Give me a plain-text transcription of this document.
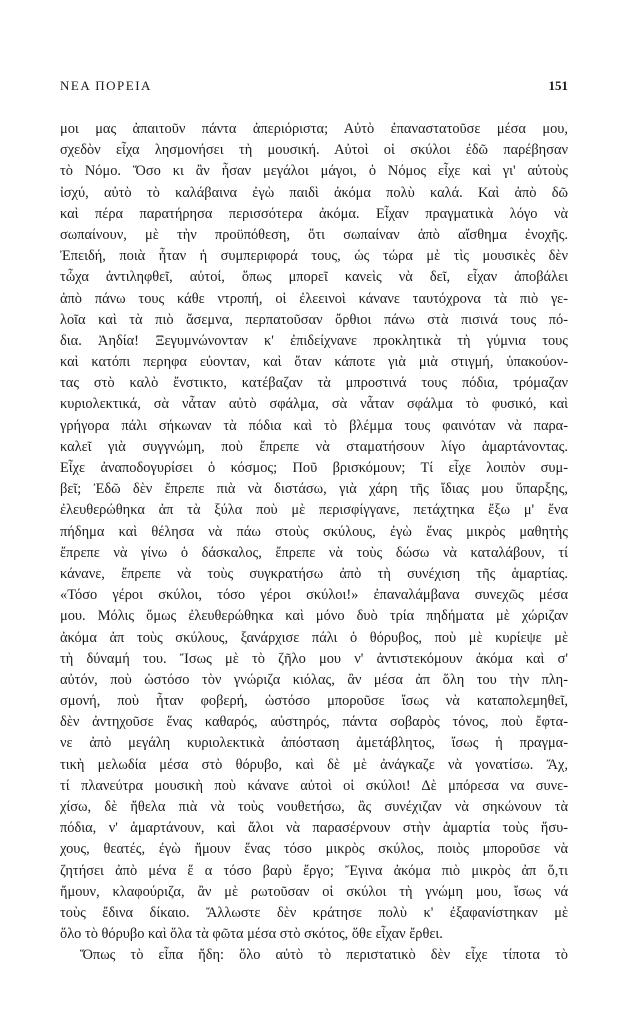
ΝΕΑ ΠΟΡΕΙΑ	151
μοι μας ἀπαιτοῦν πάντα ἀπεριόριστα; Αὐτὸ ἐπαναστατοῦσε μέσα μου,
σχεδὸν εἶχα λησμονήσει τὴ μουσική. Αὐτοὶ οἱ σκύλοι ἐδῶ παρέβησαν
τὸ Νόμο. Ὅσο κι ἂν ἦσαν μεγάλοι μάγοι, ὁ Νόμος εἶχε καὶ γι' αὐτοὺς
ἰσχύ, αὐτὸ τὸ καλάβαινα ἐγὼ παιδὶ ἀκόμα πολὺ καλά. Καὶ ἀπὸ δῶ
καὶ πέρα παρατήρησα περισσότερα ἀκόμα. Εἶχαν πραγματικὰ λόγο νὰ
σωπαίνουν, μὲ τὴν προϋπόθεση, ὅτι σωπαίναν ἀπὸ αἴσθημα ἐνοχῆς.
Ἐπειδή, ποιὰ ἦταν ἡ συμπεριφορά τους, ὡς τώρα μὲ τὶς μουσικὲς δὲν
τὦχα ἀντιληφθεῖ, αὐτοί, ὅπως μπορεῖ κανεὶς νὰ δεῖ, εἶχαν ἀποβάλει
ἀπὸ πάνω τους κάθε ντροπή, οἱ ἐλεεινοὶ κάνανε ταυτόχρονα τὰ πιὸ γε-
λοῖα καὶ τὰ πιὸ ἄσεμνα, περπατοῦσαν ὄρθιοι πάνω στὰ πισινά τους πό-
δια. Ἀηδία! Ξεγυμνώνονταν κ' ἐπιδείχνανε προκλητικὰ τὴ γύμνια τους
καὶ κατόπι περηφα εὐονταν, καὶ ὅταν κάποτε γιὰ μιὰ στιγμή, ὑπακούον-
τας στὸ καλὸ ἔνστικτο, κατέβαζαν τὰ μπροστινά τους πόδια, τρόμαζαν
κυριολεκτικά, σὰ νἆταν αὐτὸ σφάλμα, σὰ νἆταν σφάλμα τὸ φυσικό, καὶ
γρήγορα πάλι σήκωναν τὰ πόδια καὶ τὸ βλέμμα τους φαινόταν νὰ παρα-
καλεῖ γιὰ συγγνώμη, ποὺ ἔπρεπε νὰ σταματήσουν λίγο ἁμαρτάνοντας.
Εἶχε ἀναποδογυρίσει ὁ κόσμος; Ποῦ βρισκόμουν; Τί εἶχε λοιπὸν συμ-
βεῖ; Ἐδῶ δὲν ἔπρεπε πιὰ νὰ διστάσω, γιὰ χάρη τῆς ἴδιας μου ὕπαρξης,
ἐλευθερώθηκα ἀπ τὰ ξύλα ποὺ μὲ περισφίγγανε, πετάχτηκα ἔξω μ' ἕνα
πήδημα καὶ θέλησα νὰ πάω στοὺς σκύλους, ἐγὼ ἕνας μικρὸς μαθητὴς
ἔπρεπε νὰ γίνω ὁ δάσκαλος, ἔπρεπε νὰ τοὺς δώσω νὰ καταλάβουν, τί
κάνανε, ἔπρεπε νὰ τοὺς συγκρατήσω ἀπὸ τὴ συνέχιση τῆς ἁμαρτίας.
«Τόσο γέροι σκύλοι, τόσο γέροι σκύλοι!» ἐπαναλάμβανα συνεχῶς μέσα
μου. Μόλις ὅμως ἐλευθερώθηκα καὶ μόνο δυὸ τρία πηδήματα μὲ χώριζαν
ἀκόμα ἀπ τοὺς σκύλους, ξανάρχισε πάλι ὁ θόρυβος, ποὺ μὲ κυρίεψε μὲ
τὴ δύναμή του. Ἴσως μὲ τὸ ζῆλο μου ν' ἀντιστεκόμουν ἀκόμα καὶ σ'
αὐτόν, ποὺ ὡστόσο τὸν γνώριζα κιόλας, ἂν μέσα ἀπ ὅλη του τὴν πλη-
σμονή, ποὺ ἦταν φοβερή, ὡστόσο μποροῦσε ἴσως νὰ καταπολεμηθεῖ,
δὲν ἀντηχοῦσε ἕνας καθαρός, αὐστηρός, πάντα σοβαρὸς τόνος, ποὺ ἔφτα-
νε ἀπὸ μεγάλη κυριολεκτικὰ ἀπόσταση ἀμετάβλητος, ἴσως ἡ πραγμα-
τικὴ μελωδία μέσα στὸ θόρυβο, καὶ δὲ μὲ ἀνάγκαζε νὰ γονατίσω. Ἄχ,
τί πλανεύτρα μουσικὴ ποὺ κάνανε αὐτοὶ οἱ σκύλοι! Δὲ μπόρεσα να συνε-
χίσω, δὲ ἤθελα πιὰ νὰ τοὺς νουθετήσω, ἂς συνέχιζαν νὰ σηκώνουν τὰ
πόδια, ν' ἁμαρτάνουν, καὶ ἄλοι νὰ παρασέρνουν στὴν ἁμαρτία τοὺς ἥσυ-
χους, θεατές, ἐγὼ ἤμουν ἕνας τόσο μικρὸς σκύλος, ποιὸς μποροῦσε νὰ
ζητήσει ἀπὸ μένα ἕ α τόσο βαρὺ ἔργο; Ἔγινα ἀκόμα πιὸ μικρὸς ἀπ ὅ,τι
ἤμουν, κλαφούριζα, ἂν μὲ ρωτοῦσαν οἱ σκύλοι τὴ γνώμη μου, ἴσως νά
τοὺς ἔδινα δίκαιο. Ἄλλωστε δὲν κράτησε πολὺ κ' ἐξαφανίστηκαν μὲ
ὅλο τὸ θόρυβο καὶ ὅλα τὰ φῶτα μέσα στὸ σκότος, ὅθε εἶχαν ἔρθει.
Ὅπως τὸ εἶπα ἤδη: ὅλο αὐτὸ τὸ περιστατικὸ δὲν εἶχε τίποτα τὸ
